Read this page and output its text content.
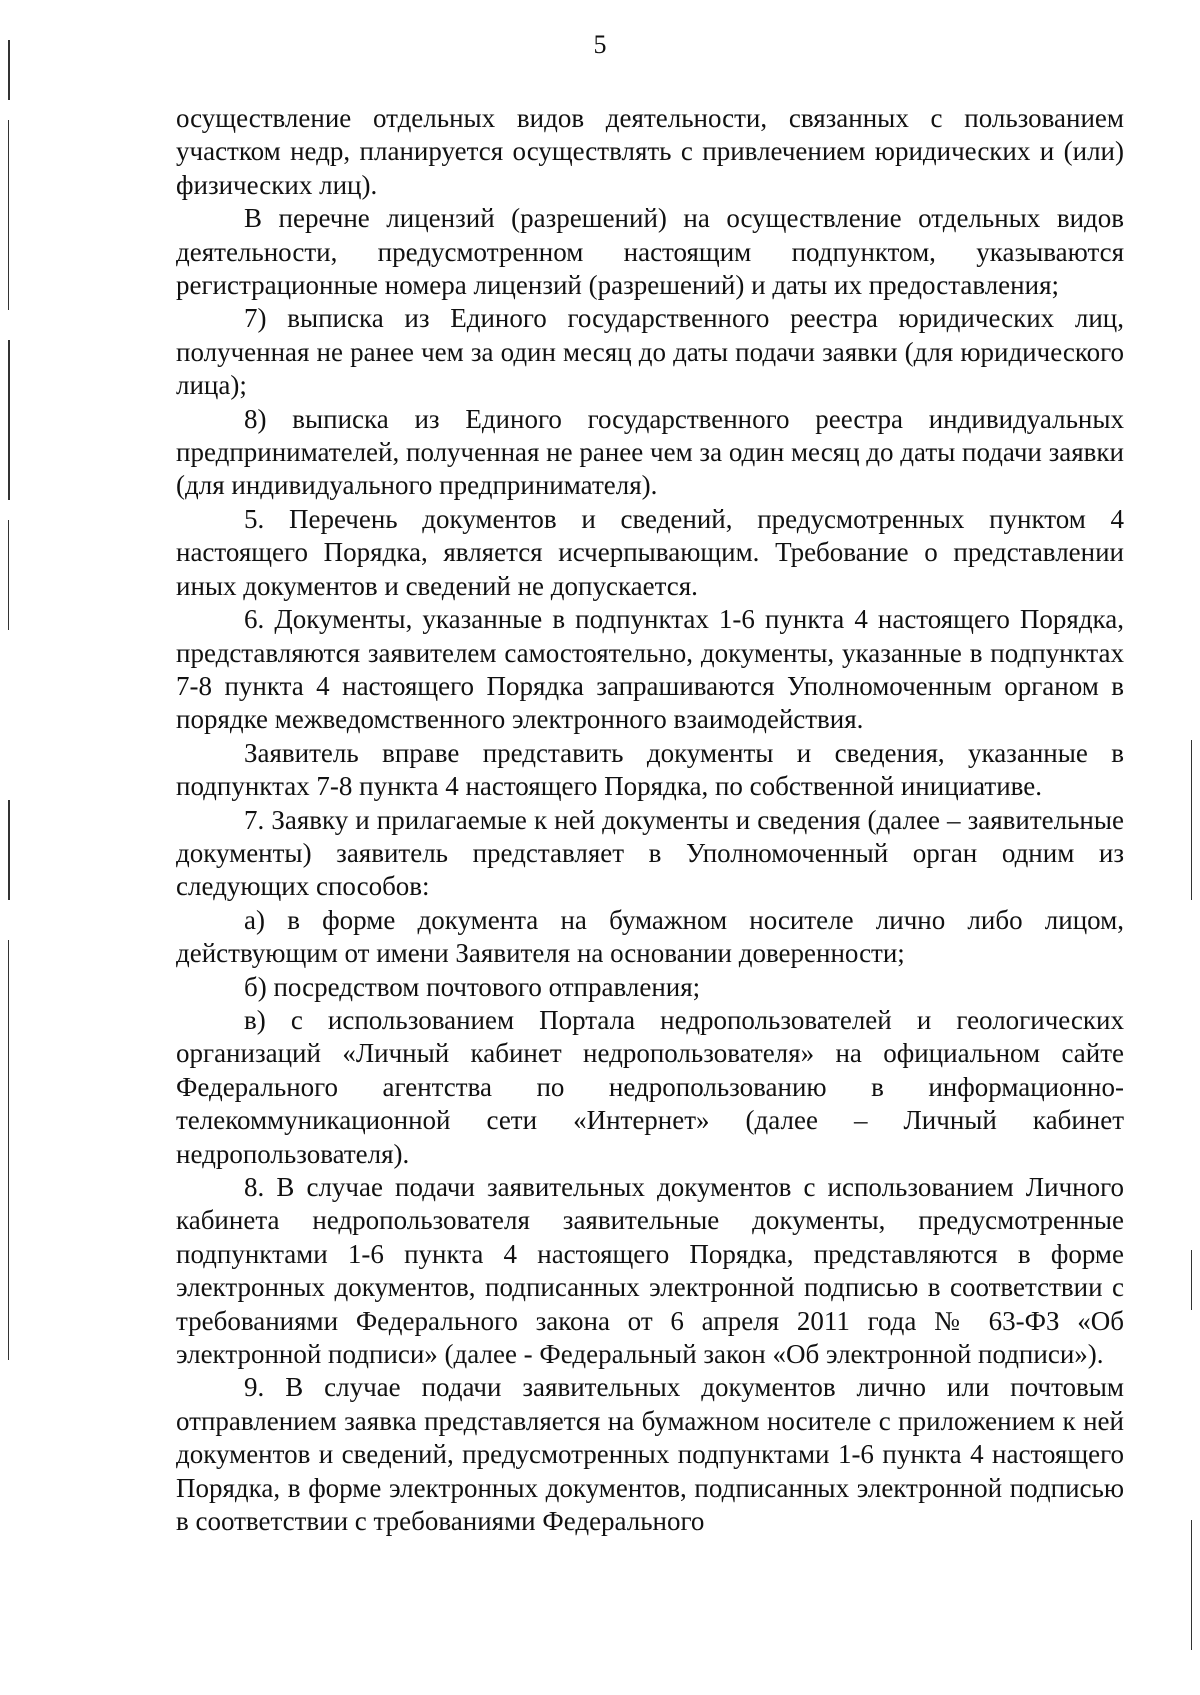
5

осуществление отдельных видов деятельности, связанных с пользованием участком недр, планируется осуществлять с привлечением юридических и (или) физических лиц).

В перечне лицензий (разрешений) на осуществление отдельных видов деятельности, предусмотренном настоящим подпунктом, указываются регистрационные номера лицензий (разрешений) и даты их предоставления;

7) выписка из Единого государственного реестра юридических лиц, полученная не ранее чем за один месяц до даты подачи заявки (для юридического лица);

8) выписка из Единого государственного реестра индивидуальных предпринимателей, полученная не ранее чем за один месяц до даты подачи заявки (для индивидуального предпринимателя).

5. Перечень документов и сведений, предусмотренных пунктом 4 настоящего Порядка, является исчерпывающим. Требование о представлении иных документов и сведений не допускается.

6. Документы, указанные в подпунктах 1-6 пункта 4 настоящего Порядка, представляются заявителем самостоятельно, документы, указанные в подпунктах 7-8 пункта 4 настоящего Порядка запрашиваются Уполномоченным органом в порядке межведомственного электронного взаимодействия.

Заявитель вправе представить документы и сведения, указанные в подпунктах 7-8 пункта 4 настоящего Порядка, по собственной инициативе.

7. Заявку и прилагаемые к ней документы и сведения (далее – заявительные документы) заявитель представляет в Уполномоченный орган одним из следующих способов:

а) в форме документа на бумажном носителе лично либо лицом, действующим от имени Заявителя на основании доверенности;

б) посредством почтового отправления;

в) с использованием Портала недропользователей и геологических организаций «Личный кабинет недропользователя» на официальном сайте Федерального агентства по недропользованию в информационно-телекоммуникационной сети «Интернет» (далее – Личный кабинет недропользователя).

8. В случае подачи заявительных документов с использованием Личного кабинета недропользователя заявительные документы, предусмотренные подпунктами 1-6 пункта 4 настоящего Порядка, представляются в форме электронных документов, подписанных электронной подписью в соответствии с требованиями Федерального закона от 6 апреля 2011 года № 63-ФЗ «Об электронной подписи» (далее - Федеральный закон «Об электронной подписи»).

9. В случае подачи заявительных документов лично или почтовым отправлением заявка представляется на бумажном носителе с приложением к ней документов и сведений, предусмотренных подпунктами 1-6 пункта 4 настоящего Порядка, в форме электронных документов, подписанных электронной подписью в соответствии с требованиями Федерального
